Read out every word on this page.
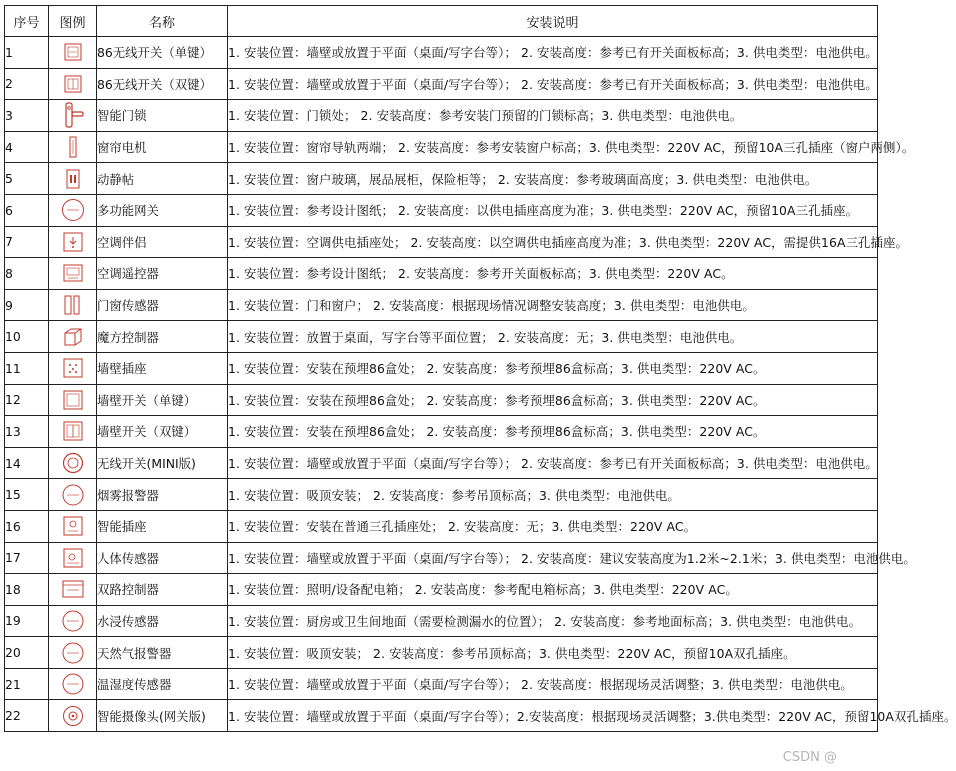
序号	图例	名称	安装说明
1		86无线开关（单键）	1. 安装位置：墙壁或放置于平面（桌面/写字台等）； 2. 安装高度：参考已有开关面板标高；3. 供电类型：电池供电。
2		86无线开关（双键）	1. 安装位置：墙壁或放置于平面（桌面/写字台等）； 2. 安装高度：参考已有开关面板标高；3. 供电类型：电池供电。
3		智能门锁	1. 安装位置：门锁处； 2. 安装高度：参考安装门预留的门锁标高；3. 供电类型：电池供电。
4		窗帘电机	1. 安装位置：窗帘导轨两端； 2. 安装高度：参考安装窗户标高；3. 供电类型：220V AC，预留10A三孔插座（窗户两侧）。
5		动静帖	1. 安装位置：窗户玻璃，展品展柜，保险柜等； 2. 安装高度：参考玻璃面高度；3. 供电类型：电池供电。
6		多功能网关	1. 安装位置：参考设计图纸； 2. 安装高度：以供电插座高度为准；3. 供电类型：220V AC，预留10A三孔插座。
7		空调伴侣	1. 安装位置：空调供电插座处； 2. 安装高度：以空调供电插座高度为准；3. 供电类型：220V AC，需提供16A三孔插座。
8		空调遥控器	1. 安装位置：参考设计图纸； 2. 安装高度：参考开关面板标高；3. 供电类型：220V AC。
9		门窗传感器	1. 安装位置：门和窗户； 2. 安装高度：根据现场情况调整安装高度；3. 供电类型：电池供电。
10		魔方控制器	1. 安装位置：放置于桌面，写字台等平面位置； 2. 安装高度：无；3. 供电类型：电池供电。
11		墙壁插座	1. 安装位置：安装在预埋86盒处； 2. 安装高度：参考预埋86盒标高；3. 供电类型：220V AC。
12		墙壁开关（单键）	1. 安装位置：安装在预埋86盒处； 2. 安装高度：参考预埋86盒标高；3. 供电类型：220V AC。
13		墙壁开关（双键）	1. 安装位置：安装在预埋86盒处； 2. 安装高度：参考预埋86盒标高；3. 供电类型：220V AC。
14		无线开关(MINI版)	1. 安装位置：墙壁或放置于平面（桌面/写字台等）； 2. 安装高度：参考已有开关面板标高；3. 供电类型：电池供电。
15		烟雾报警器	1. 安装位置：吸顶安装； 2. 安装高度：参考吊顶标高；3. 供电类型：电池供电。
16		智能插座	1. 安装位置：安装在普通三孔插座处； 2. 安装高度：无；3. 供电类型：220V AC。
17		人体传感器	1. 安装位置：墙壁或放置于平面（桌面/写字台等）； 2. 安装高度：建议安装高度为1.2米~2.1米；3. 供电类型：电池供电。
18		双路控制器	1. 安装位置：照明/设备配电箱； 2. 安装高度：参考配电箱标高；3. 供电类型：220V AC。
19		水浸传感器	1. 安装位置：厨房或卫生间地面（需要检测漏水的位置）； 2. 安装高度：参考地面标高；3. 供电类型：电池供电。
20		天然气报警器	1. 安装位置：吸顶安装； 2. 安装高度：参考吊顶标高；3. 供电类型：220V AC，预留10A双孔插座。
21		温湿度传感器	1. 安装位置：墙壁或放置于平面（桌面/写字台等）； 2. 安装高度：根据现场灵活调整；3. 供电类型：电池供电。
22		智能摄像头(网关版)	1. 安装位置：墙壁或放置于平面（桌面/写字台等）；2.安装高度：根据现场灵活调整；3.供电类型：220V AC，预留10A双孔插座。
CSDN @
